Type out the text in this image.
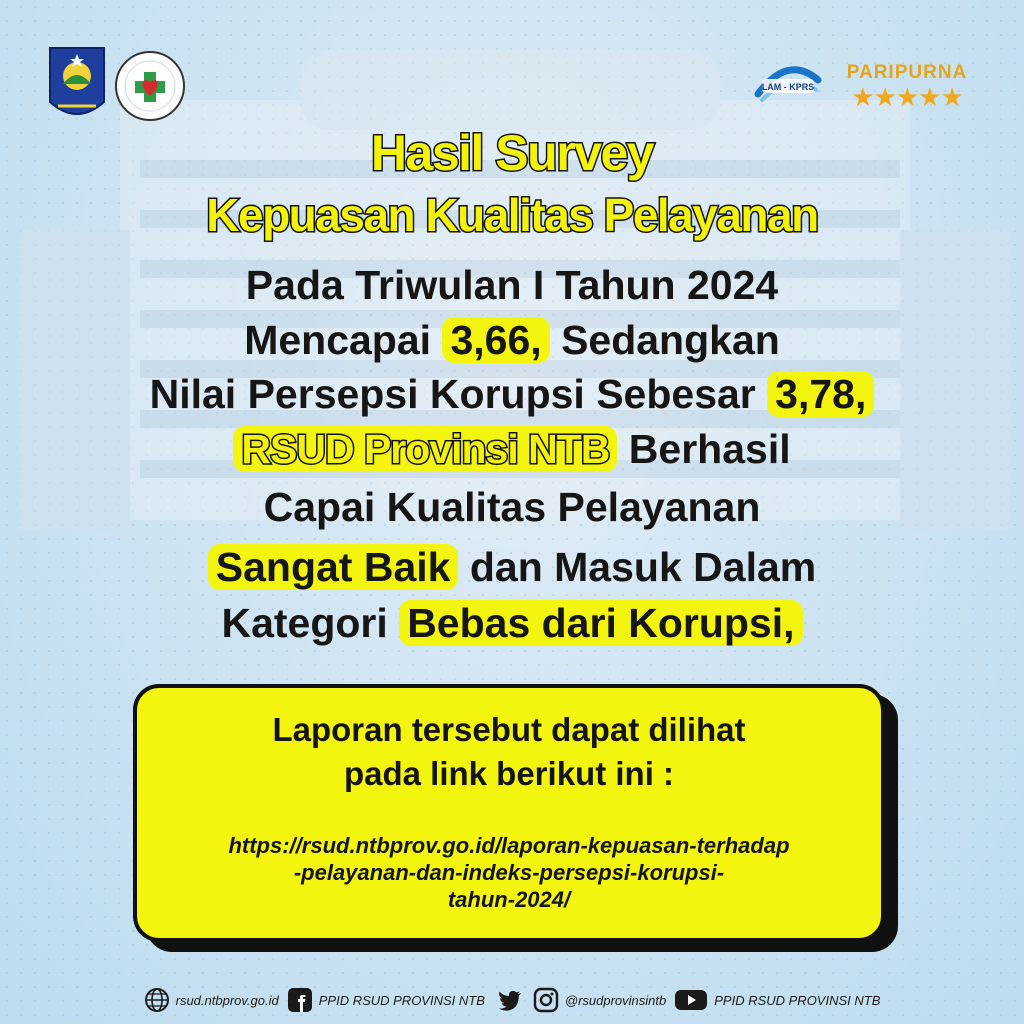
LAM - KPRS
PARIPURNA
★★★★★
Hasil Survey
Kepuasan Kualitas Pelayanan
Pada Triwulan I Tahun 2024
Mencapai 3,66, Sedangkan
Nilai Persepsi Korupsi Sebesar 3,78,
RSUD Provinsi NTB Berhasil
Capai Kualitas Pelayanan
Sangat Baik dan Masuk Dalam
Kategori Bebas dari Korupsi,
Laporan tersebut dapat dilihat
pada link berikut ini :
https://rsud.ntbprov.go.id/laporan-kepuasan-terhadap
-pelayanan-dan-indeks-persepsi-korupsi-
tahun-2024/
rsud.ntbprov.go.id	PPID RSUD PROVINSI NTB	@rsudprovinsintb	PPID RSUD PROVINSI NTB
